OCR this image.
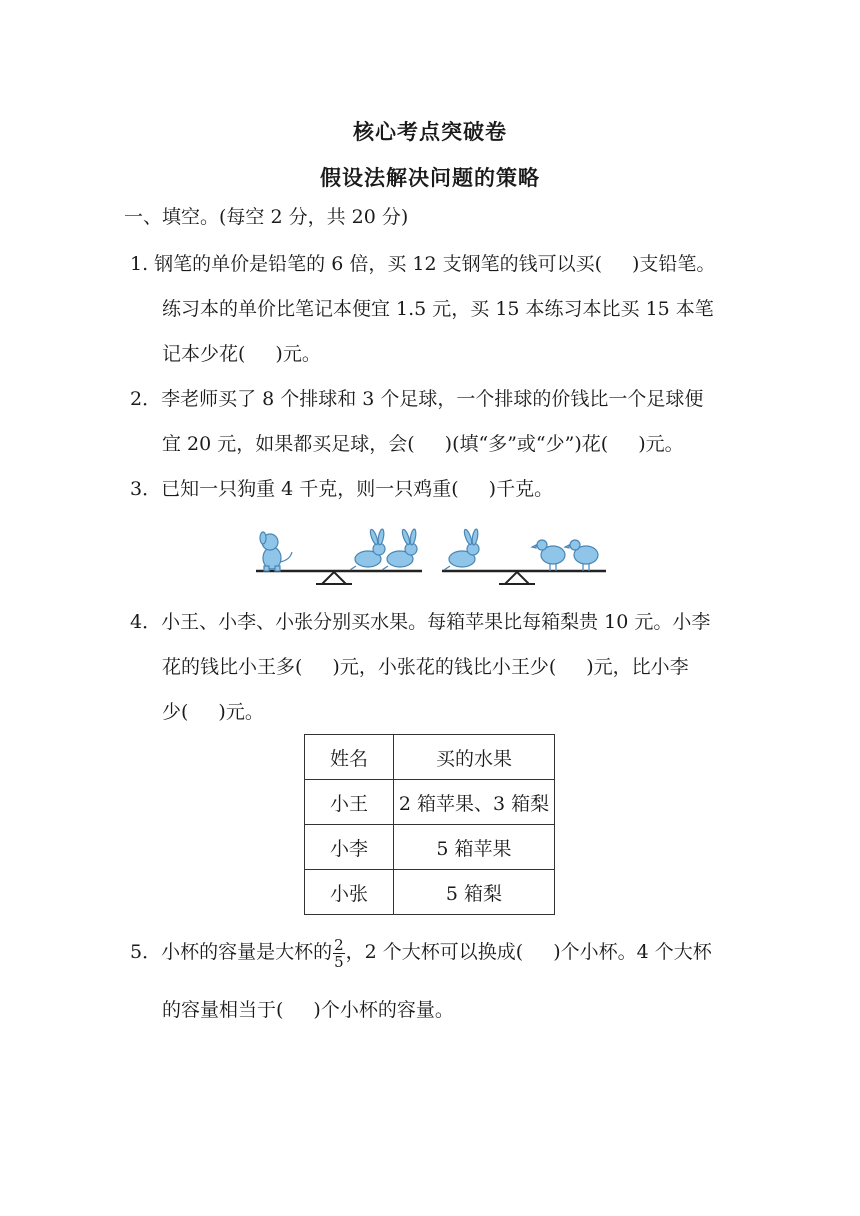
核心考点突破卷
假设法解决问题的策略
一、填空。(每空 2 分，共 20 分)
1. 钢笔的单价是铅笔的 6 倍，买 12 支钢笔的钱可以买( )支铅笔。
练习本的单价比笔记本便宜 1.5 元，买 15 本练习本比买 15 本笔
记本少花( )元。
2．李老师买了 8 个排球和 3 个足球，一个排球的价钱比一个足球便
宜 20 元，如果都买足球，会( )(填“多”或“少”)花( )元。
3．已知一只狗重 4 千克，则一只鸡重( )千克。
4．小王、小李、小张分别买水果。每箱苹果比每箱梨贵 10 元。小李
花的钱比小王多( )元，小张花的钱比小王少( )元，比小李
少( )元。
姓名	买的水果
小王	2 箱苹果、3 箱梨
小李	5 箱苹果
小张	5 箱梨
5．小杯的容量是大杯的 $\frac{2}{5}$ ，2 个大杯可以换成( )个小杯。4 个大杯
的容量相当于( )个小杯的容量。
